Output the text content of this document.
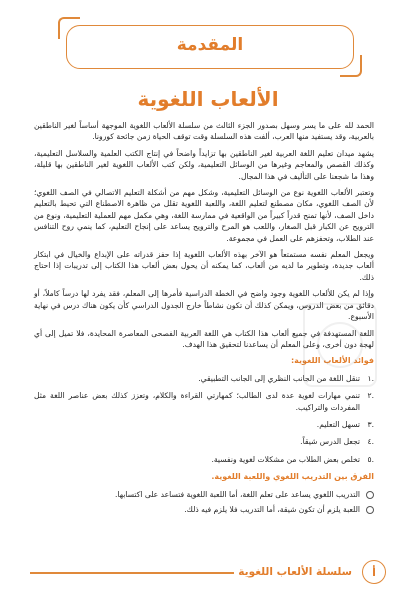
المقدمة
الألعاب اللغوية

الحمد لله على ما يسر وسهل بصدور الجزء الثالث من سلسلة الألعاب اللغوية الموجهة أساساً لغير الناطقين بالعربية، وقد يستفيد منها العرب، ألفت هذه السلسلة وقت توقف الحياة زمن جائحة كورونا.

يشهد ميدان تعليم اللغة العربية لغير الناطقين بها تزايداً واضحاً في إنتاج الكتب العلمية والسلاسل التعليمية، وكذلك القصص والمعاجم وغيرها من الوسائل التعليمية، ولكن كتب الألعاب اللغوية لغير الناطقين بها قليلة، وهذا ما شجعنا على التأليف في هذا المجال.

وتعتبر الألعاب اللغوية نوع من الوسائل التعليمية، وشكل مهم من أشكلة التعليم الاتصالي في الصف اللغوي؛ لأن الصف اللغوي، مكان مصطنع لتعليم اللغة، واللعبة اللغوية تقلل من ظاهرة الاصطناع التي تحيط بالتعليم داخل الصف، لأنها تمنح قدراً كبيراً من الواقعية في ممارسة اللغة، وهي مكمل مهم للعملية التعليمية، ونوع من الترويح عن الكبار قبل الصغار، واللعب هو المرح والترويح يساعد على إنجاح التعليم، كما ينمي روح التنافس عند الطلاب، وتحفزهم على العمل في مجموعة.

ويجعل المعلم نفسه مستمتعاً هو الآخر بهذه الألعاب اللغوية إذا حفز قدراته على الإبداع والخيال في ابتكار ألعاب جديدة، وتطوير ما لديه من ألعاب، كما يمكنه أن يحول بعض ألعاب هذا الكتاب إلى تدريبات إذا احتاج ذلك.

وإذا لم يكن للألعاب اللغوية وجود واضح في الخطة الدراسية فأمرها إلى المعلم، فقد يفرد لها درساً كاملاً، أو دقائق من بعض الدروس، ويمكن كذلك أن تكون نشاطاً خارج الجدول الدراسي كأن يكون هناك درس في نهاية الأسبوع.

اللغة المستهدفة في جميع ألعاب هذا الكتاب هي اللغة العربية الفصحى المعاصرة المحايدة، فلا تميل إلى أي لهجة دون أخرى، وعلى المعلم أن يساعدنا لتحقيق هذا الهدف.

فوائد الألعاب اللغوية:
.١
تنقل اللغة من الجانب النظري إلى الجانب التطبيقي.
.٢
تنمي مهارات لغوية عدة لدى الطالب؛ كمهارتي القراءة والكلام، وتعزز كذلك بعض عناصر اللغة مثل المفردات والتراكيب.
.٣
تسهل التعليم.
.٤
تجعل الدرس شيقاً.
.٥
تخلص بعض الطلاب من مشكلات لغوية ونفسية.
الفرق بين التدريب اللغوي واللعبة اللغوية.
التدريب اللغوي يساعد على تعلم اللغة، أما اللعبة اللغوية فتساعد على اكتسابها.
اللعبة يلزم أن تكون شيقة، أما التدريب فلا يلزم فيه ذلك.
أ
سلسلة الألعاب اللغوية
